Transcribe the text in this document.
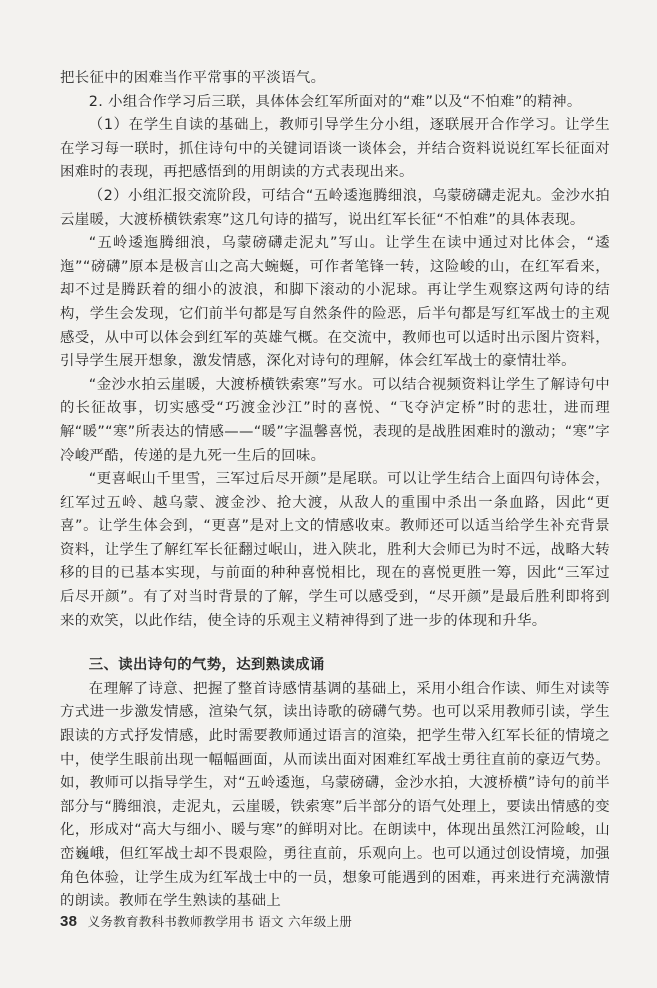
把长征中的困难当作平常事的平淡语气。

2. 小组合作学习后三联，具体体会红军所面对的“难”以及“不怕难”的精神。

（1）在学生自读的基础上，教师引导学生分小组，逐联展开合作学习。让学生在学习每一联时，抓住诗句中的关键词语谈一谈体会，并结合资料说说红军长征面对困难时的表现，再把感悟到的用朗读的方式表现出来。

（2）小组汇报交流阶段，可结合“五岭逶迤腾细浪，乌蒙磅礴走泥丸。金沙水拍云崖暖，大渡桥横铁索寒”这几句诗的描写，说出红军长征“不怕难”的具体表现。

“五岭逶迤腾细浪，乌蒙磅礴走泥丸”写山。让学生在读中通过对比体会，“逶迤”“磅礴”原本是极言山之高大蜿蜒，可作者笔锋一转，这险峻的山，在红军看来，却不过是腾跃着的细小的波浪，和脚下滚动的小泥球。再让学生观察这两句诗的结构，学生会发现，它们前半句都是写自然条件的险恶，后半句都是写红军战士的主观感受，从中可以体会到红军的英雄气概。在交流中，教师也可以适时出示图片资料，引导学生展开想象，激发情感，深化对诗句的理解，体会红军战士的豪情壮举。

“金沙水拍云崖暖，大渡桥横铁索寒”写水。可以结合视频资料让学生了解诗句中的长征故事，切实感受“巧渡金沙江”时的喜悦、“飞夺泸定桥”时的悲壮，进而理解“暖”“寒”所表达的情感——“暖”字温馨喜悦，表现的是战胜困难时的激动；“寒”字冷峻严酷，传递的是九死一生后的回味。

“更喜岷山千里雪，三军过后尽开颜”是尾联。可以让学生结合上面四句诗体会，红军过五岭、越乌蒙、渡金沙、抢大渡，从敌人的重围中杀出一条血路，因此“更喜”。让学生体会到，“更喜”是对上文的情感收束。教师还可以适当给学生补充背景资料，让学生了解红军长征翻过岷山，进入陕北，胜利大会师已为时不远，战略大转移的目的已基本实现，与前面的种种喜悦相比，现在的喜悦更胜一筹，因此“三军过后尽开颜”。有了对当时背景的了解，学生可以感受到，“尽开颜”是最后胜利即将到来的欢笑，以此作结，使全诗的乐观主义精神得到了进一步的体现和升华。

三、读出诗句的气势，达到熟读成诵

在理解了诗意、把握了整首诗感情基调的基础上，采用小组合作读、师生对读等方式进一步激发情感，渲染气氛，读出诗歌的磅礴气势。也可以采用教师引读，学生跟读的方式抒发情感，此时需要教师通过语言的渲染，把学生带入红军长征的情境之中，使学生眼前出现一幅幅画面，从而读出面对困难红军战士勇往直前的豪迈气势。如，教师可以指导学生，对“五岭逶迤，乌蒙磅礴，金沙水拍，大渡桥横”诗句的前半部分与“腾细浪，走泥丸，云崖暖，铁索寒”后半部分的语气处理上，要读出情感的变化，形成对“高大与细小、暖与寒”的鲜明对比。在朗读中，体现出虽然江河险峻，山峦巍峨，但红军战士却不畏艰险，勇往直前，乐观向上。也可以通过创设情境，加强角色体验，让学生成为红军战士中的一员，想象可能遇到的困难，再来进行充满激情的朗读。教师在学生熟读的基础上

38 义务教育教科书教师教学用书 语文 六年级上册
